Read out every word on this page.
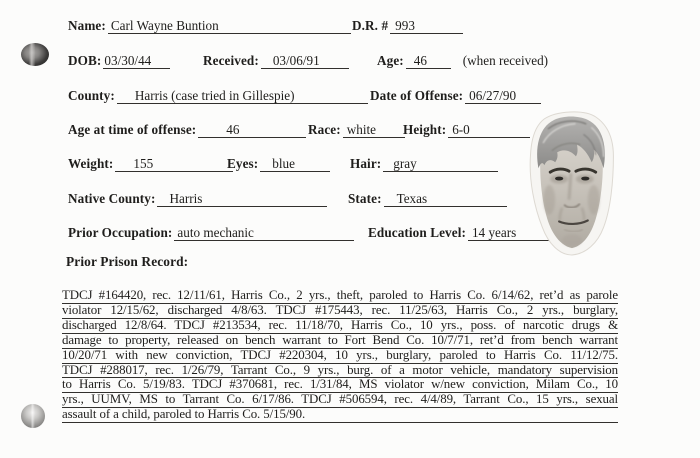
Name: Carl Wayne Buntion	D.R. # 993
DOB: 03/30/44	Received: 03/06/91	Age: 46	(when received)
County: Harris (case tried in Gillespie)	Date of Offense: 06/27/90
Age at time of offense: 46	Race: white	Height: 6-0
Weight: 155	Eyes: blue	Hair: gray
Native County: Harris	State: Texas
Prior Occupation: auto mechanic	Education Level: 14 years
Prior Prison Record:
TDCJ #164420, rec. 12/11/61, Harris Co., 2 yrs., theft, paroled to Harris Co. 6/14/62, ret’d as parole
violator 12/15/62, discharged 4/8/63. TDCJ #175443, rec. 11/25/63, Harris Co., 2 yrs., burglary,
discharged 12/8/64. TDCJ #213534, rec. 11/18/70, Harris Co., 10 yrs., poss. of narcotic drugs &
damage to property, released on bench warrant to Fort Bend Co. 10/7/71, ret’d from bench warrant
10/20/71 with new conviction, TDCJ #220304, 10 yrs., burglary, paroled to Harris Co. 11/12/75.
TDCJ #288017, rec. 1/26/79, Tarrant Co., 9 yrs., burg. of a motor vehicle, mandatory supervision
to Harris Co. 5/19/83. TDCJ #370681, rec. 1/31/84, MS violator w/new conviction, Milam Co., 10
yrs., UUMV, MS to Tarrant Co. 6/17/86. TDCJ #506594, rec. 4/4/89, Tarrant Co., 15 yrs., sexual
assault of a child, paroled to Harris Co. 5/15/90.
